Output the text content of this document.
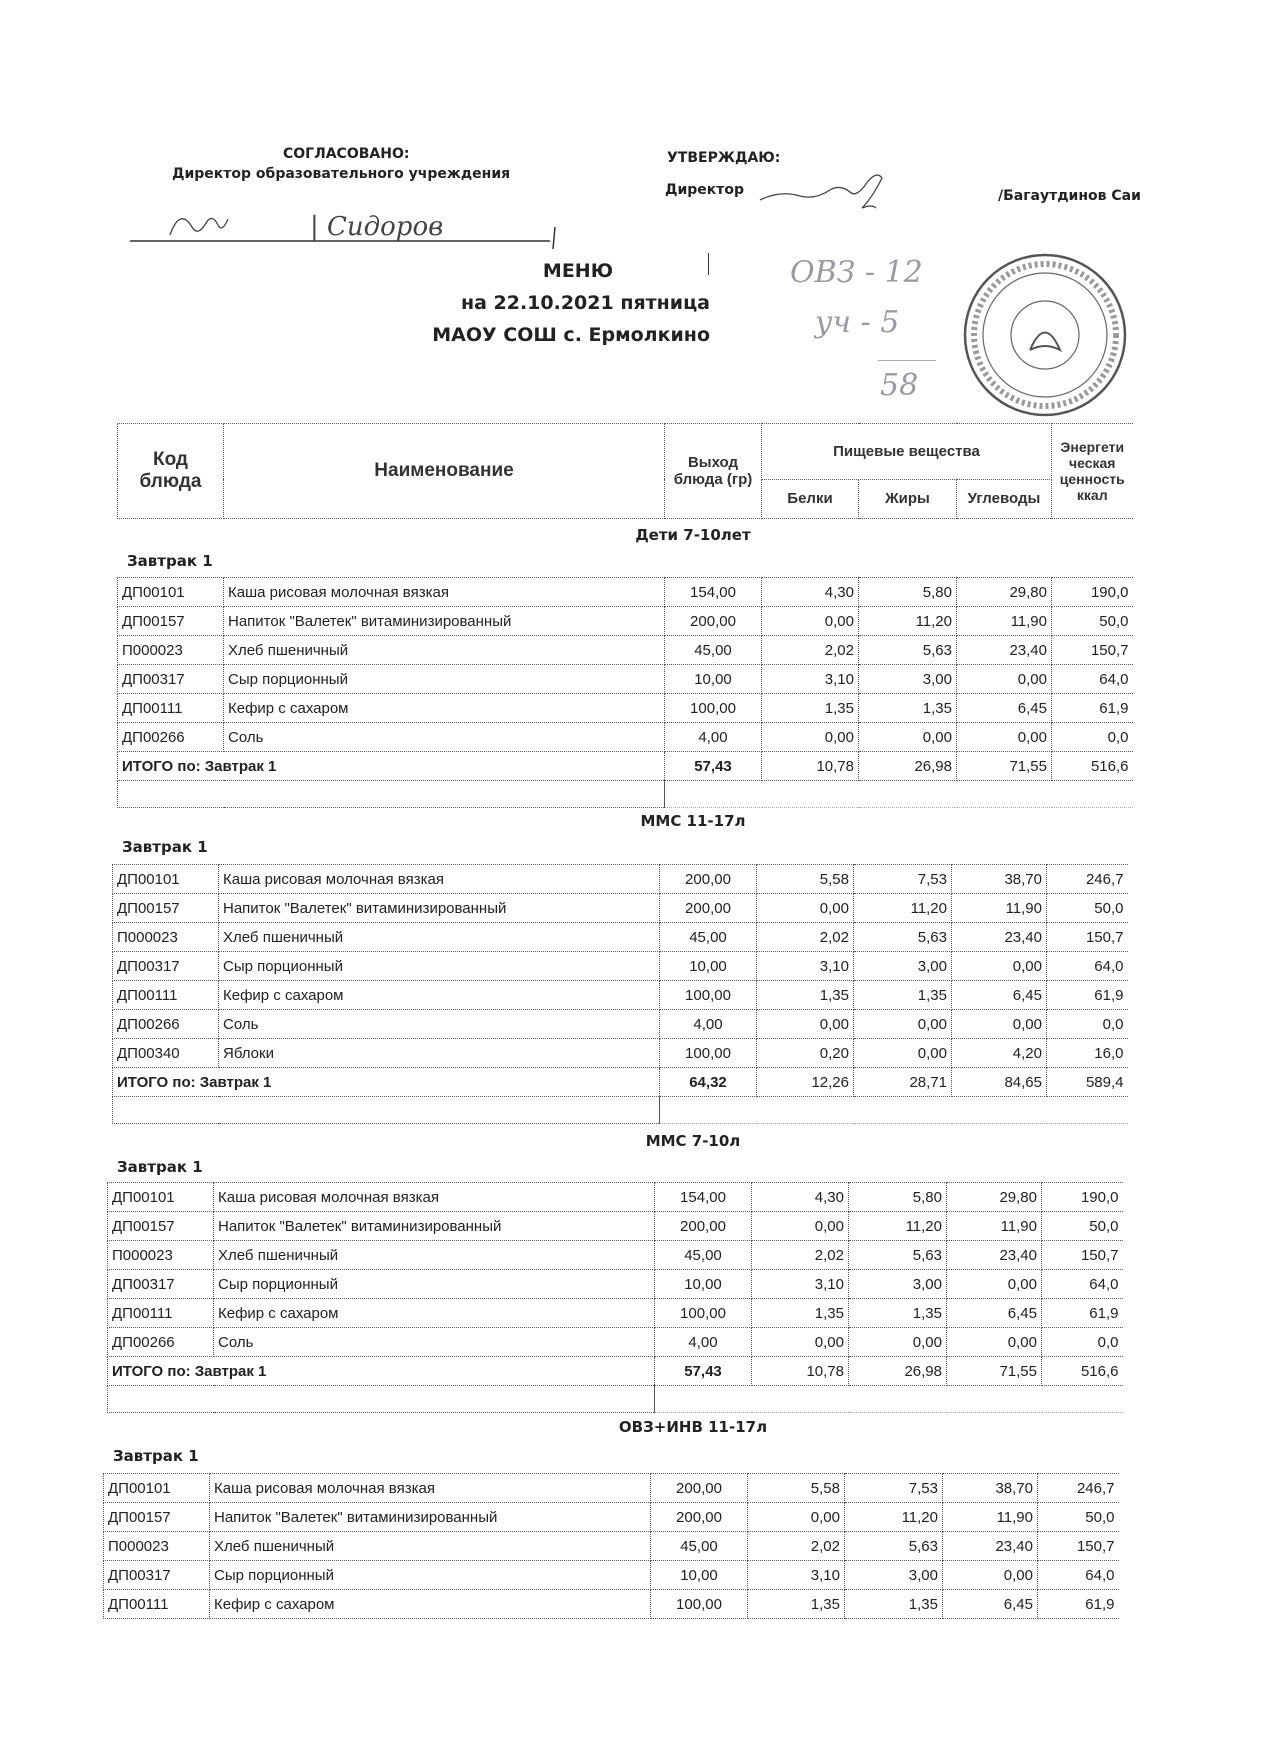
СОГЛАСОВАНО:
Директор образовательного учреждения
| Сидоров
УТВЕРЖДАЮ:
Директор	/Багаутдинов Саи
МЕНЮ
на 22.10.2021 пятница
МАОУ СОШ с. Ермолкино
ОВЗ - 12
уч - 5
58
Код блюда	Наименование	Выход блюда (гр)	Пищевые вещества			Энергети ческая ценность ккал
			Белки	Жиры	Углеводы	
Дети 7-10лет
Завтрак 1
ДП00101	Каша рисовая молочная вязкая	154,00	4,30	5,80	29,80	190,0
ДП00157	Напиток "Валетек" витаминизированный	200,00	0,00	11,20	11,90	50,0
П000023	Хлеб пшеничный	45,00	2,02	5,63	23,40	150,7
ДП00317	Сыр порционный	10,00	3,10	3,00	0,00	64,0
ДП00111	Кефир с сахаром	100,00	1,35	1,35	6,45	61,9
ДП00266	Соль	4,00	0,00	0,00	0,00	0,0
ИТОГО по: Завтрак 1		57,43	10,78	26,98	71,55	516,6

ММС 11-17л
Завтрак 1
ДП00101	Каша рисовая молочная вязкая	200,00	5,58	7,53	38,70	246,7
ДП00157	Напиток "Валетек" витаминизированный	200,00	0,00	11,20	11,90	50,0
П000023	Хлеб пшеничный	45,00	2,02	5,63	23,40	150,7
ДП00317	Сыр порционный	10,00	3,10	3,00	0,00	64,0
ДП00111	Кефир с сахаром	100,00	1,35	1,35	6,45	61,9
ДП00266	Соль	4,00	0,00	0,00	0,00	0,0
ДП00340	Яблоки	100,00	0,20	0,00	4,20	16,0
ИТОГО по: Завтрак 1		64,32	12,26	28,71	84,65	589,4

ММС 7-10л
Завтрак 1
ДП00101	Каша рисовая молочная вязкая	154,00	4,30	5,80	29,80	190,0
ДП00157	Напиток "Валетек" витаминизированный	200,00	0,00	11,20	11,90	50,0
П000023	Хлеб пшеничный	45,00	2,02	5,63	23,40	150,7
ДП00317	Сыр порционный	10,00	3,10	3,00	0,00	64,0
ДП00111	Кефир с сахаром	100,00	1,35	1,35	6,45	61,9
ДП00266	Соль	4,00	0,00	0,00	0,00	0,0
ИТОГО по: Завтрак 1		57,43	10,78	26,98	71,55	516,6

ОВЗ+ИНВ 11-17л
Завтрак 1
ДП00101	Каша рисовая молочная вязкая	200,00	5,58	7,53	38,70	246,7
ДП00157	Напиток "Валетек" витаминизированный	200,00	0,00	11,20	11,90	50,0
П000023	Хлеб пшеничный	45,00	2,02	5,63	23,40	150,7
ДП00317	Сыр порционный	10,00	3,10	3,00	0,00	64,0
ДП00111	Кефир с сахаром	100,00	1,35	1,35	6,45	61,9
